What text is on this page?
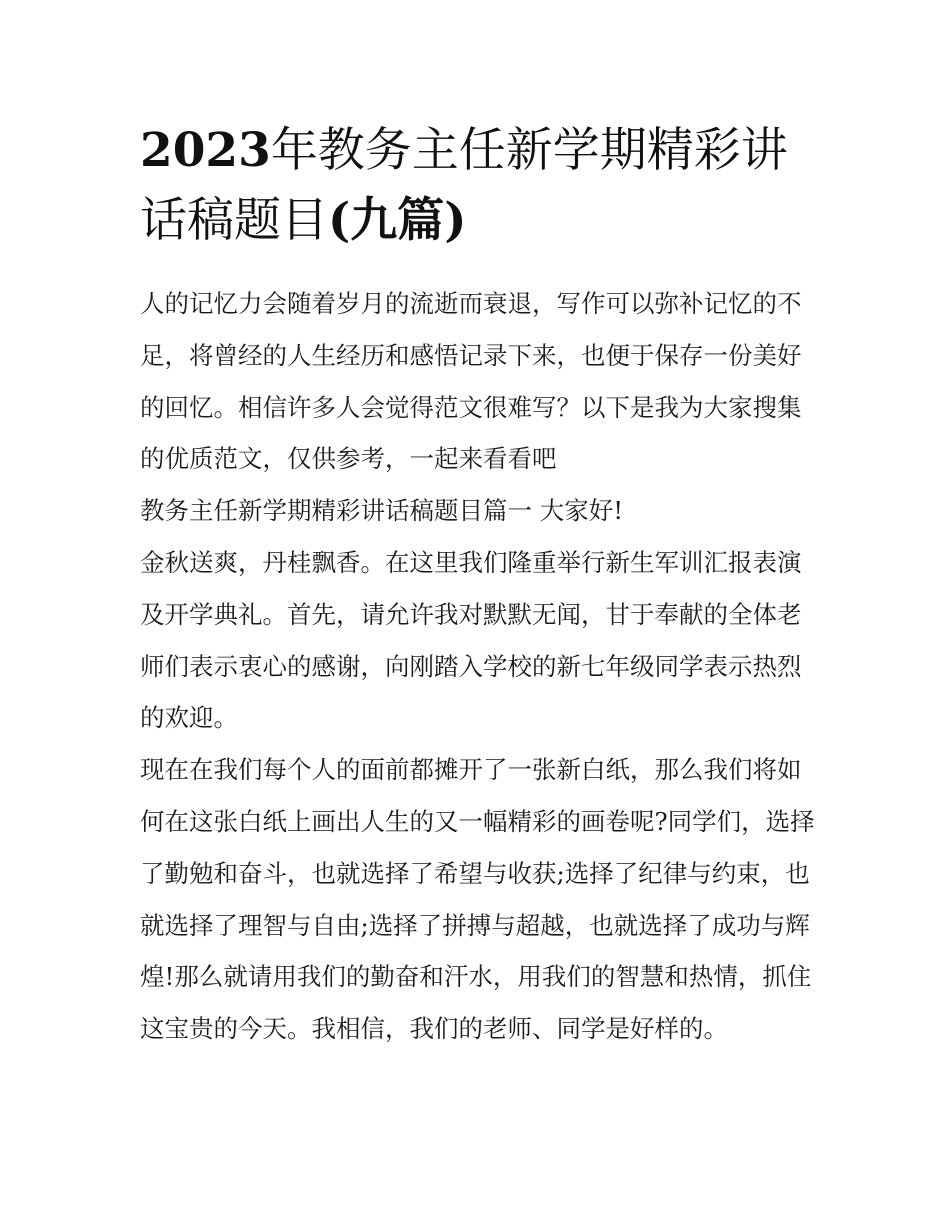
2023年教务主任新学期精彩讲
话稿题目(九篇)

人的记忆力会随着岁月的流逝而衰退，写作可以弥补记忆的不足，将曾经的人生经历和感悟记录下来，也便于保存一份美好的回忆。相信许多人会觉得范文很难写？以下是我为大家搜集的优质范文，仅供参考，一起来看看吧

教务主任新学期精彩讲话稿题目篇一 大家好!

金秋送爽，丹桂飘香。在这里我们隆重举行新生军训汇报表演及开学典礼。首先，请允许我对默默无闻，甘于奉献的全体老师们表示衷心的感谢，向刚踏入学校的新七年级同学表示热烈的欢迎。

现在在我们每个人的面前都摊开了一张新白纸，那么我们将如何在这张白纸上画出人生的又一幅精彩的画卷呢?同学们，选择了勤勉和奋斗，也就选择了希望与收获;选择了纪律与约束，也就选择了理智与自由;选择了拼搏与超越，也就选择了成功与辉煌!那么就请用我们的勤奋和汗水，用我们的智慧和热情，抓住这宝贵的今天。我相信，我们的老师、同学是好样的。
